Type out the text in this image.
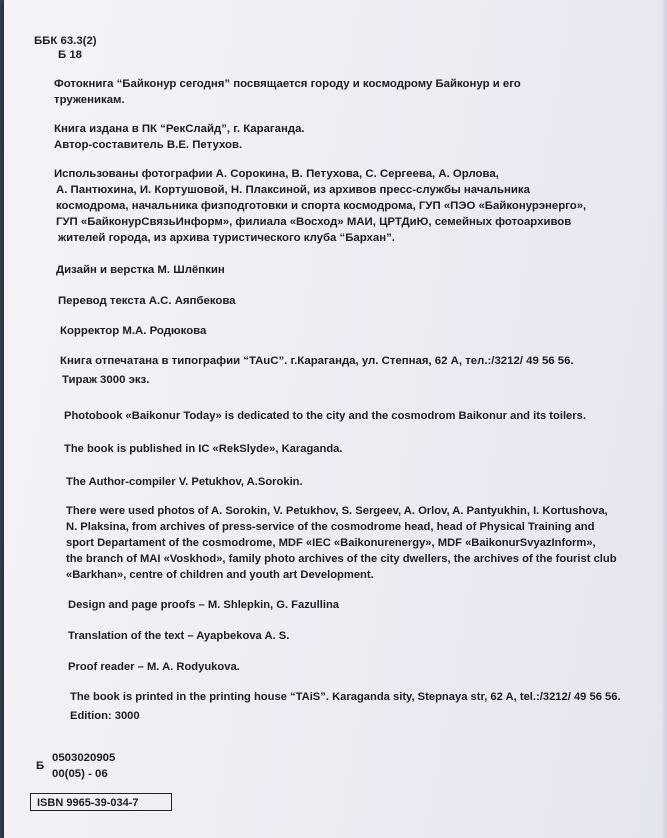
ББК 63.3(2)

Б 18

Фотокнига “Байконур сегодня” посвящается городу и космодрому Байконур и его

труженикам.

Книга издана в ПК “РекСлайд”, г. Караганда.

Автор-составитель В.Е. Петухов.

Использованы фотографии А. Сорокина, В. Петухова, С. Сергеева, А. Орлова,

А. Пантюхина, И. Кортушовой, Н. Плаксиной, из архивов пресс-службы начальника

космодрома, начальника физподготовки и спорта космодрома, ГУП «ПЭО «Байконурэнерго»,

ГУП «БайконурСвязьИнформ», филиала «Восход» МАИ, ЦРТДиЮ, семейных фотоархивов

жителей города, из архива туристического клуба “Бархан”.

Дизайн и верстка М. Шлёпкин

Перевод текста А.С. Аяпбекова

Корректор М.А. Родюкова

Книга отпечатана в типографии “TAuC”. г.Караганда, ул. Степная, 62 А, тел.:/3212/ 49 56 56.

Тираж 3000 экз.

Photobook «Baikonur Today» is dedicated to the city and the cosmodrom Baikonur and its toilers.

The book is published in IC «RekSlyde», Karaganda.

The Author-compiler V. Petukhov, A.Sorokin.

There were used photos of A. Sorokin, V. Petukhov, S. Sergeev, A. Orlov, A. Pantyukhin, I. Kortushova,

N. Plaksina, from archives of press-service of the cosmodrome head, head of Physical Training and

sport Departament of the cosmodrome, MDF «IEC «Baikonurenergy», MDF «BaikonurSvyazInform»,

the branch of MAI «Voskhod», family photo archives of the city dwellers, the archives of the fourist club

«Barkhan», centre of children and youth art Development.

Design and page proofs – M. Shlepkin, G. Fazullina

Translation of the text – Ayapbekova A. S.

Proof reader – M. A. Rodyukova.

The book is printed in the printing house “TAiS”. Karaganda sity, Stepnaya str, 62 A, tel.:/3212/ 49 56 56.

Edition: 3000

Б

0503020905

00(05) - 06

ISBN 9965-39-034-7
